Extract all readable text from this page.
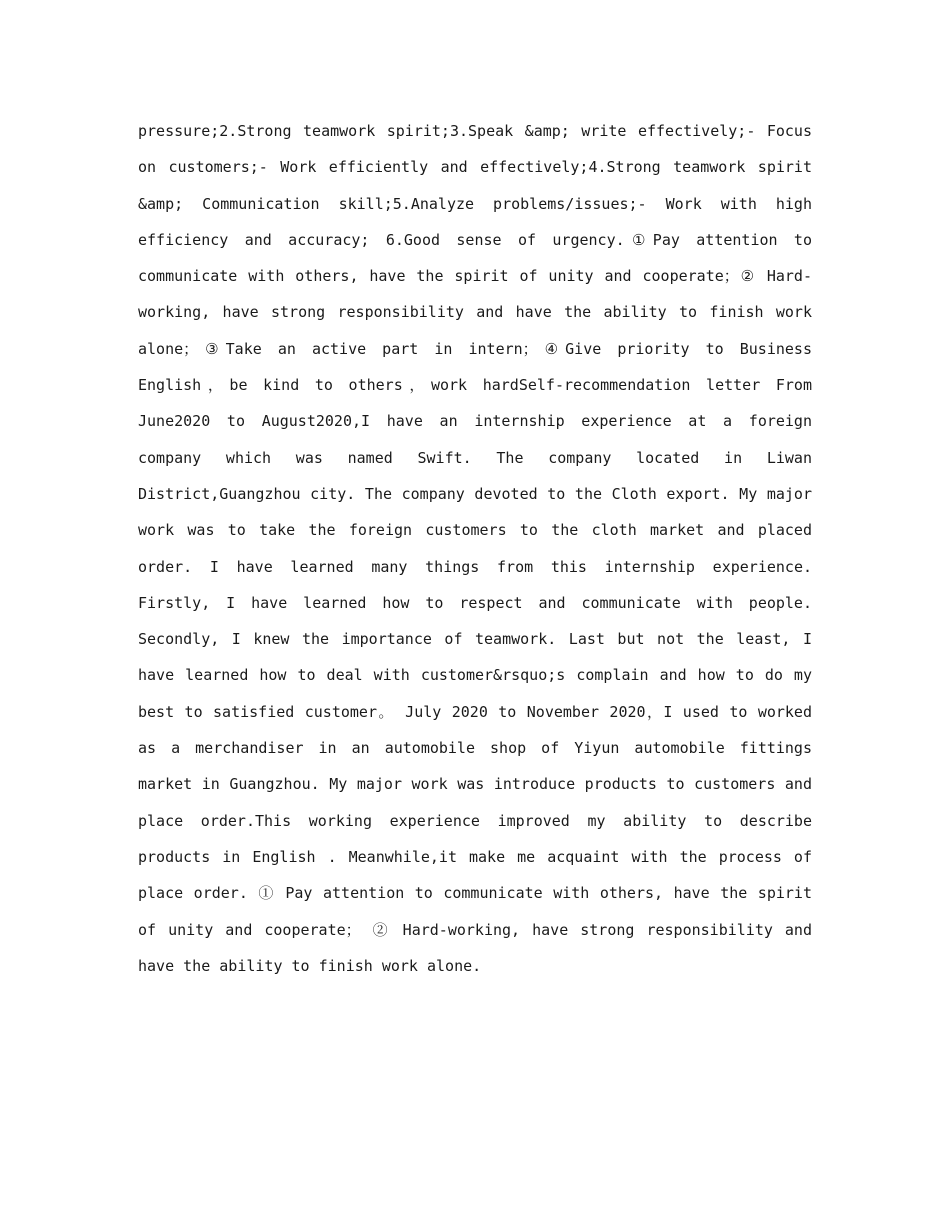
pressure;2.Strong teamwork spirit;3.Speak &amp; write effectively;- Focus on customers;- Work efficiently and effectively;4.Strong teamwork spirit &amp; Communication skill;5.Analyze problems/issues;- Work with high efficiency and accuracy; 6.Good sense of urgency.①Pay attention to communicate with others, have the spirit of unity and cooperate；② Hard-working, have strong responsibility and have the ability to finish work alone；③Take an active part in intern；④Give priority to Business English，be kind to others，work hardSelf-recommendation letter From June2020 to August2020,I have an internship experience at a foreign company which was named Swift. The company located in Liwan District,Guangzhou city. The company devoted to the Cloth export. My major work was to take the foreign customers to the cloth market and placed order. I have learned many things from this internship experience. Firstly, I have learned how to respect and communicate with people. Secondly, I knew the importance of teamwork. Last but not the least, I have learned how to deal with customer&rsquo;s complain and how to do my best to satisfied customer。 July 2020 to November 2020，I used to worked as a merchandiser in an automobile shop of Yiyun automobile fittings market in Guangzhou. My major work was introduce products to customers and place order.This working experience improved my ability to describe products in English . Meanwhile,it make me acquaint with the process of place order. ① Pay attention to communicate with others, have the spirit of unity and cooperate； ② Hard-working, have strong responsibility and have the ability to finish work alone.
